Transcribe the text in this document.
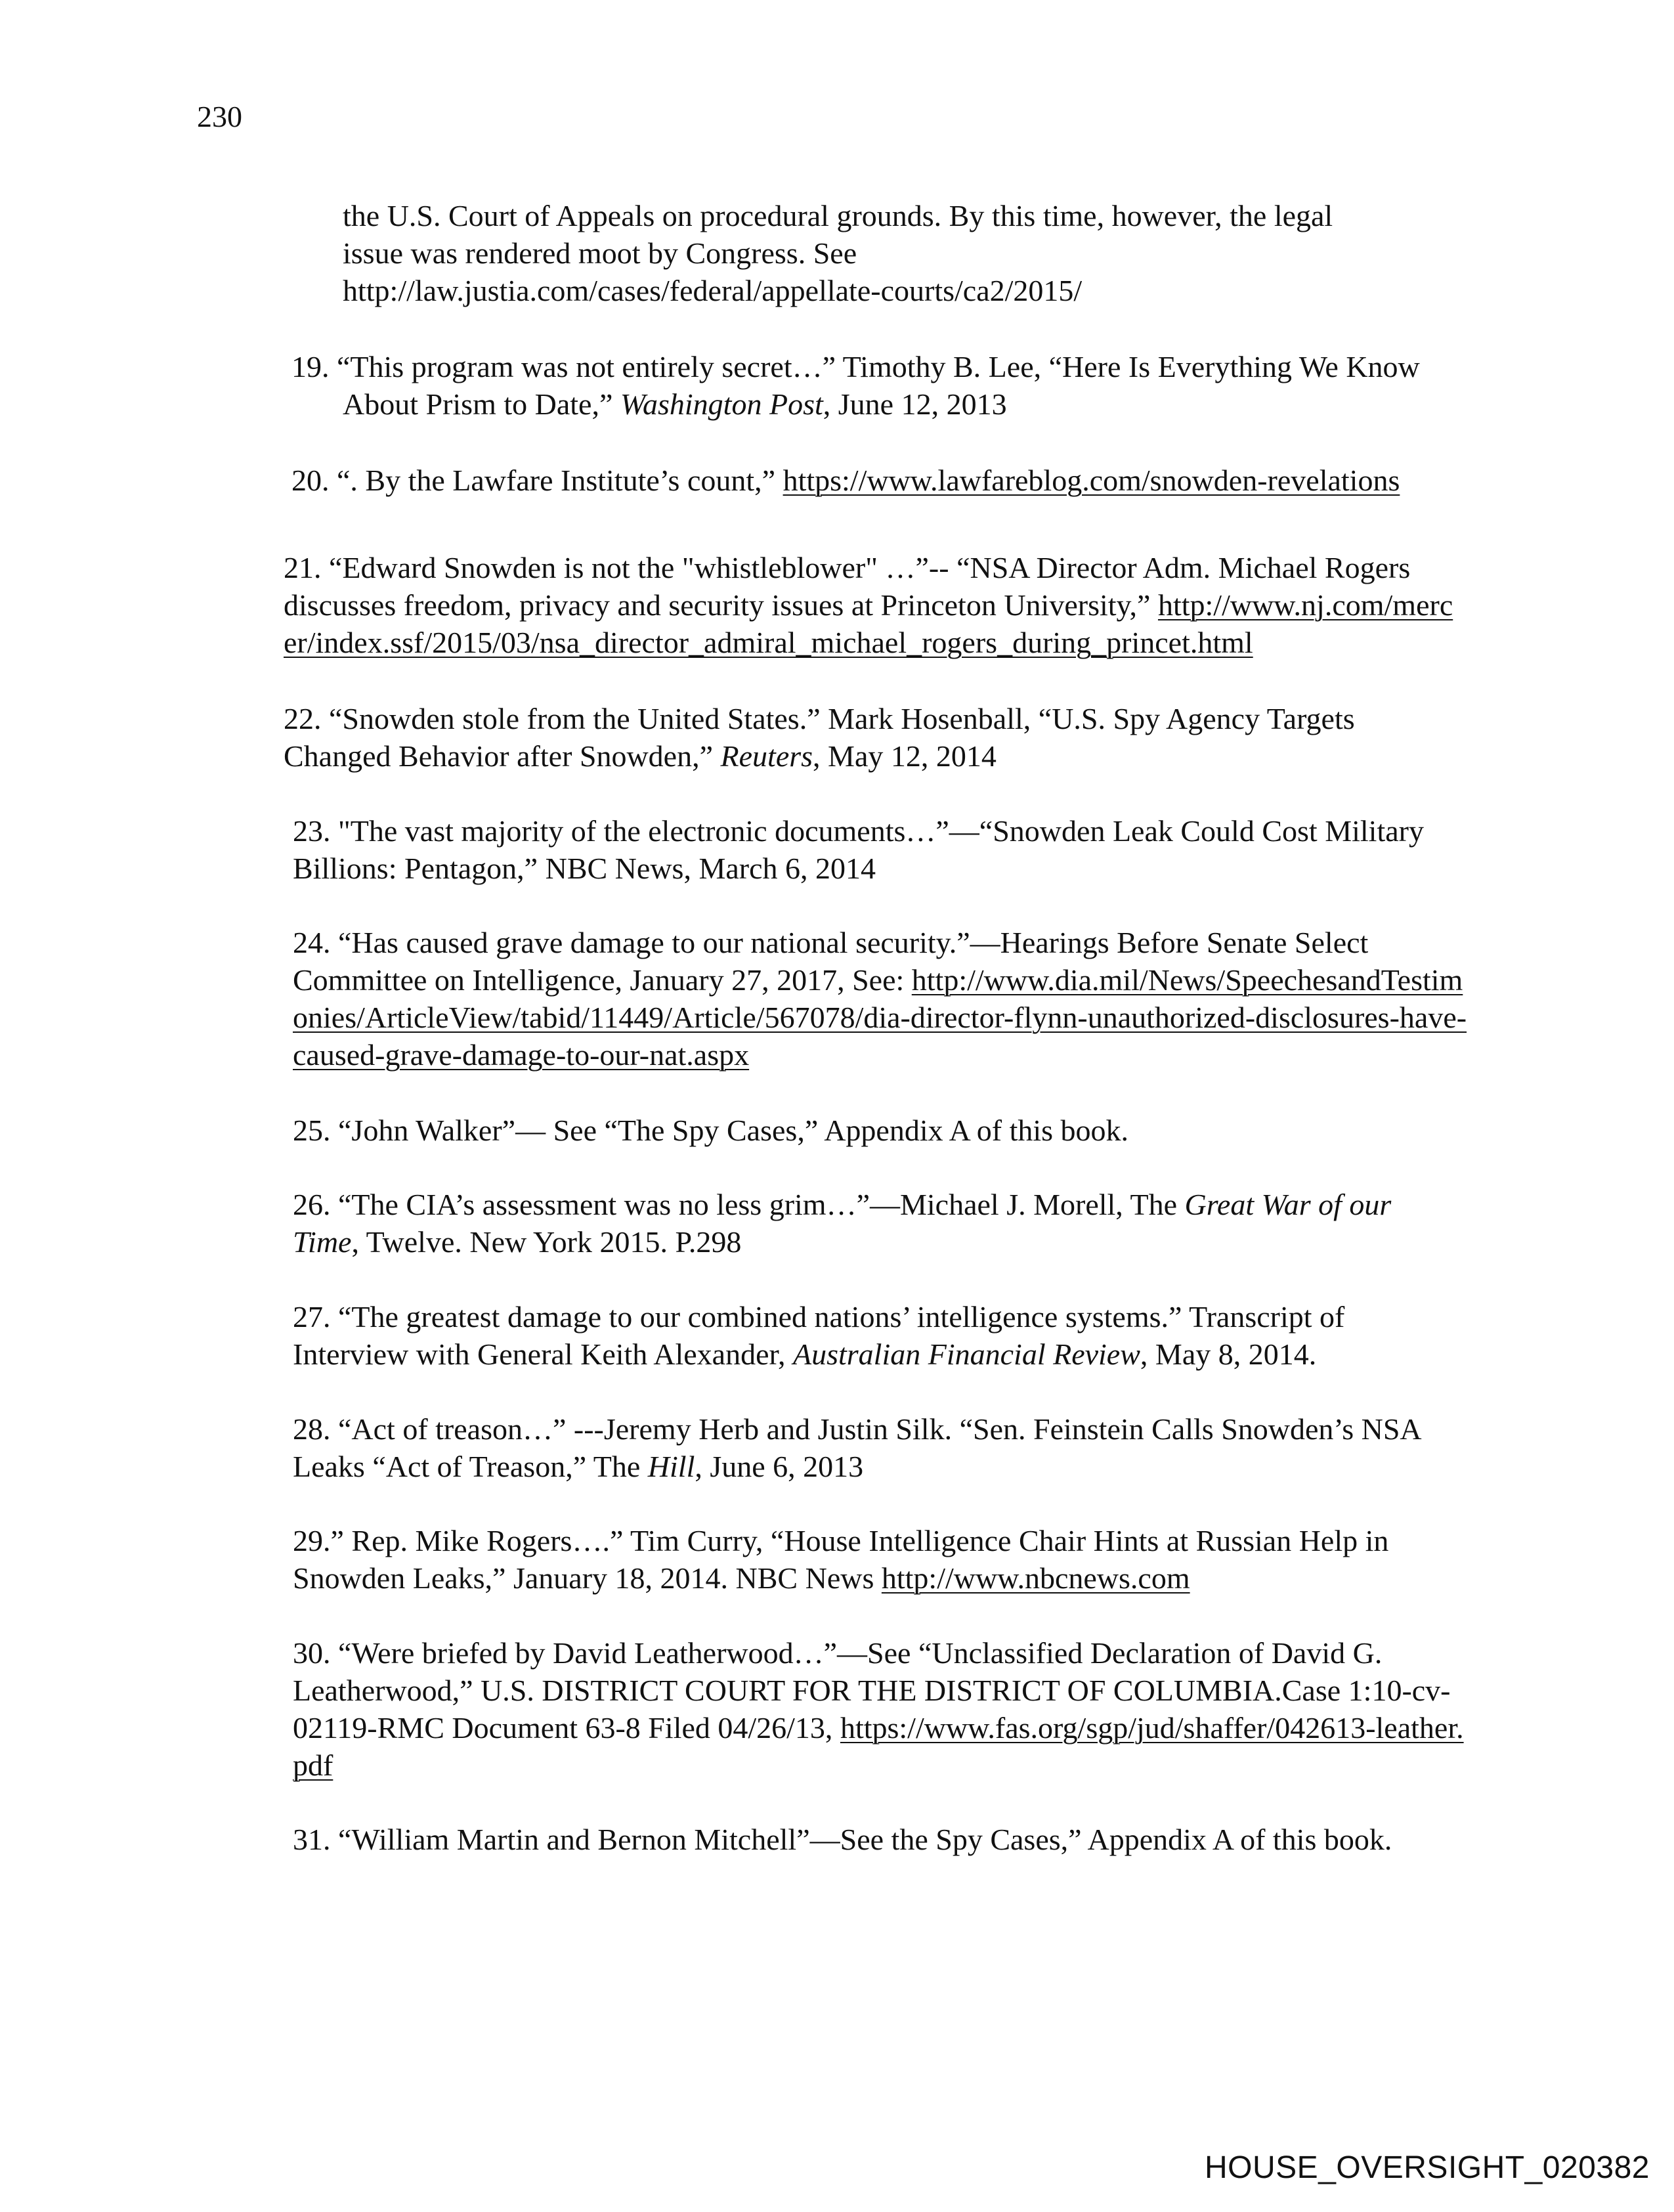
230
the U.S. Court of Appeals on procedural grounds. By this time, however, the legal
issue was rendered moot by Congress. See
http://law.justia.com/cases/federal/appellate-courts/ca2/2015/
19. “This program was not entirely secret…” Timothy B. Lee, “Here Is Everything We Know About Prism to Date,” Washington Post, June 12, 2013
20. “. By the Lawfare Institute’s count,” https://www.lawfareblog.com/snowden-revelations
21. “Edward Snowden is not the "whistleblower" …”-- “NSA Director Adm. Michael Rogers discusses freedom, privacy and security issues at Princeton University,” http://www.nj.com/mercer/index.ssf/2015/03/nsa_director_admiral_michael_rogers_during_princet.html
22. “Snowden stole from the United States.” Mark Hosenball, “U.S. Spy Agency Targets Changed Behavior after Snowden,” Reuters, May 12, 2014
23. "The vast majority of the electronic documents…”—“Snowden Leak Could Cost Military Billions: Pentagon,” NBC News, March 6, 2014
24. “Has caused grave damage to our national security.”—Hearings Before Senate Select Committee on Intelligence, January 27, 2017, See: http://www.dia.mil/News/SpeechesandTestimonies/ArticleView/tabid/11449/Article/567078/dia-director-flynn-unauthorized-disclosures-have-caused-grave-damage-to-our-nat.aspx
25. “John Walker”— See “The Spy Cases,” Appendix A of this book.
26. “The CIA’s assessment was no less grim…”—Michael J. Morell, The Great War of our Time, Twelve. New York 2015. P.298
27. “The greatest damage to our combined nations’ intelligence systems.” Transcript of Interview with General Keith Alexander, Australian Financial Review, May 8, 2014.
28. “Act of treason…” ---Jeremy Herb and Justin Silk. “Sen. Feinstein Calls Snowden’s NSA Leaks “Act of Treason,” The Hill, June 6, 2013
29.” Rep. Mike Rogers….” Tim Curry, “House Intelligence Chair Hints at Russian Help in Snowden Leaks,” January 18, 2014. NBC News http://www.nbcnews.com
30. “Were briefed by David Leatherwood…”—See “Unclassified Declaration of David G. Leatherwood,” U.S. DISTRICT COURT FOR THE DISTRICT OF COLUMBIA.Case 1:10-cv-02119-RMC Document 63-8 Filed 04/26/13, https://www.fas.org/sgp/jud/shaffer/042613-leather.pdf
31. “William Martin and Bernon Mitchell”—See the Spy Cases,” Appendix A of this book.
HOUSE_OVERSIGHT_020382
